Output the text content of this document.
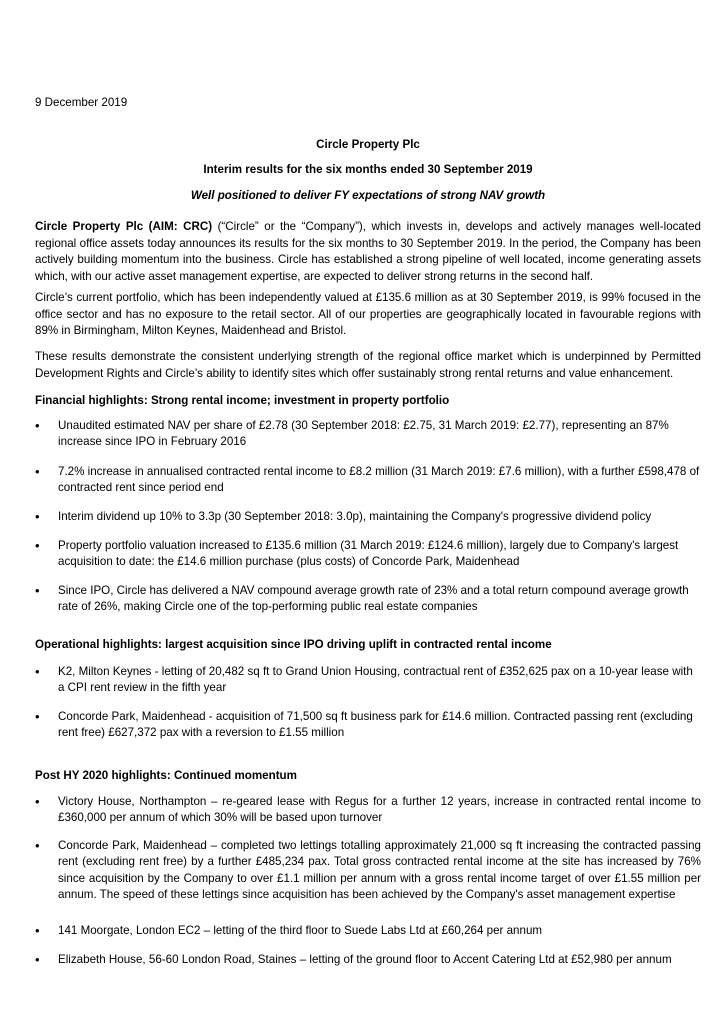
9 December 2019
Circle Property Plc
Interim results for the six months ended 30 September 2019
Well positioned to deliver FY expectations of strong NAV growth

Circle Property Plc (AIM: CRC) (“Circle” or the “Company”), which invests in, develops and actively manages well-located regional office assets today announces its results for the six months to 30 September 2019. In the period, the Company has been actively building momentum into the business. Circle has established a strong pipeline of well located, income generating assets which, with our active asset management expertise, are expected to deliver strong returns in the second half.

Circle’s current portfolio, which has been independently valued at £135.6 million as at 30 September 2019, is 99% focused in the office sector and has no exposure to the retail sector. All of our properties are geographically located in favourable regions with 89% in Birmingham, Milton Keynes, Maidenhead and Bristol.

These results demonstrate the consistent underlying strength of the regional office market which is underpinned by Permitted Development Rights and Circle’s ability to identify sites which offer sustainably strong rental returns and value enhancement.

Financial highlights: Strong rental income; investment in property portfolio
• Unaudited estimated NAV per share of £2.78 (30 September 2018: £2.75, 31 March 2019: £2.77), representing an 87% increase since IPO in February 2016
• 7.2% increase in annualised contracted rental income to £8.2 million (31 March 2019: £7.6 million), with a further £598,478 of contracted rent since period end
• Interim dividend up 10% to 3.3p (30 September 2018: 3.0p), maintaining the Company's progressive dividend policy
• Property portfolio valuation increased to £135.6 million (31 March 2019: £124.6 million), largely due to Company's largest acquisition to date: the £14.6 million purchase (plus costs) of Concorde Park, Maidenhead
• Since IPO, Circle has delivered a NAV compound average growth rate of 23% and a total return compound average growth rate of 26%, making Circle one of the top-performing public real estate companies
Operational highlights: largest acquisition since IPO driving uplift in contracted rental income
• K2, Milton Keynes - letting of 20,482 sq ft to Grand Union Housing, contractual rent of £352,625 pax on a 10-year lease with a CPI rent review in the fifth year
• Concorde Park, Maidenhead - acquisition of 71,500 sq ft business park for £14.6 million. Contracted passing rent (excluding rent free) £627,372 pax with a reversion to £1.55 million
Post HY 2020 highlights: Continued momentum
• Victory House, Northampton – re-geared lease with Regus for a further 12 years, increase in contracted rental income to £360,000 per annum of which 30% will be based upon turnover
• Concorde Park, Maidenhead – completed two lettings totalling approximately 21,000 sq ft increasing the contracted passing rent (excluding rent free) by a further £485,234 pax. Total gross contracted rental income at the site has increased by 76% since acquisition by the Company to over £1.1 million per annum with a gross rental income target of over £1.55 million per annum. The speed of these lettings since acquisition has been achieved by the Company's asset management expertise
• 141 Moorgate, London EC2 – letting of the third floor to Suede Labs Ltd at £60,264 per annum
• Elizabeth House, 56-60 London Road, Staines – letting of the ground floor to Accent Catering Ltd at £52,980 per annum
